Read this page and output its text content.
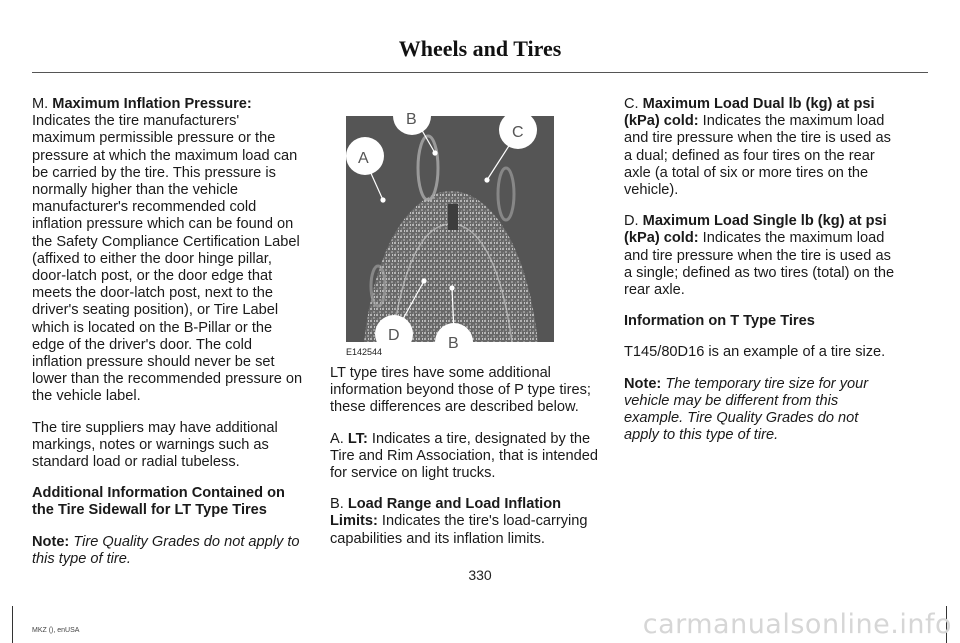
Wheels and Tires

M. Maximum Inflation Pressure: Indicates the tire manufacturers' maximum permissible pressure or the pressure at which the maximum load can be carried by the tire. This pressure is normally higher than the vehicle manufacturer's recommended cold inflation pressure which can be found on the Safety Compliance Certification Label (affixed to either the door hinge pillar, door-latch post, or the door edge that meets the door-latch post, next to the driver's seating position), or Tire Label which is located on the B-Pillar or the edge of the driver's door. The cold inflation pressure should never be set lower than the recommended pressure on the vehicle label.

The tire suppliers may have additional markings, notes or warnings such as standard load or radial tubeless.

Additional Information Contained on the Tire Sidewall for LT Type Tires

Note: Tire Quality Grades do not apply to this type of tire.

A
B
C
D	B
E142544

LT type tires have some additional information beyond those of P type tires; these differences are described below.

A. LT: Indicates a tire, designated by the Tire and Rim Association, that is intended for service on light trucks.

B. Load Range and Load Inflation Limits: Indicates the tire's load-carrying capabilities and its inflation limits.

C. Maximum Load Dual lb (kg) at psi (kPa) cold: Indicates the maximum load and tire pressure when the tire is used as a dual; defined as four tires on the rear axle (a total of six or more tires on the vehicle).

D. Maximum Load Single lb (kg) at psi (kPa) cold: Indicates the maximum load and tire pressure when the tire is used as a single; defined as two tires (total) on the rear axle.

Information on T Type Tires

T145/80D16 is an example of a tire size.

Note: The temporary tire size for your vehicle may be different from this example. Tire Quality Grades do not apply to this type of tire.

330
MKZ (), enUSA	carmanualsonline.info
